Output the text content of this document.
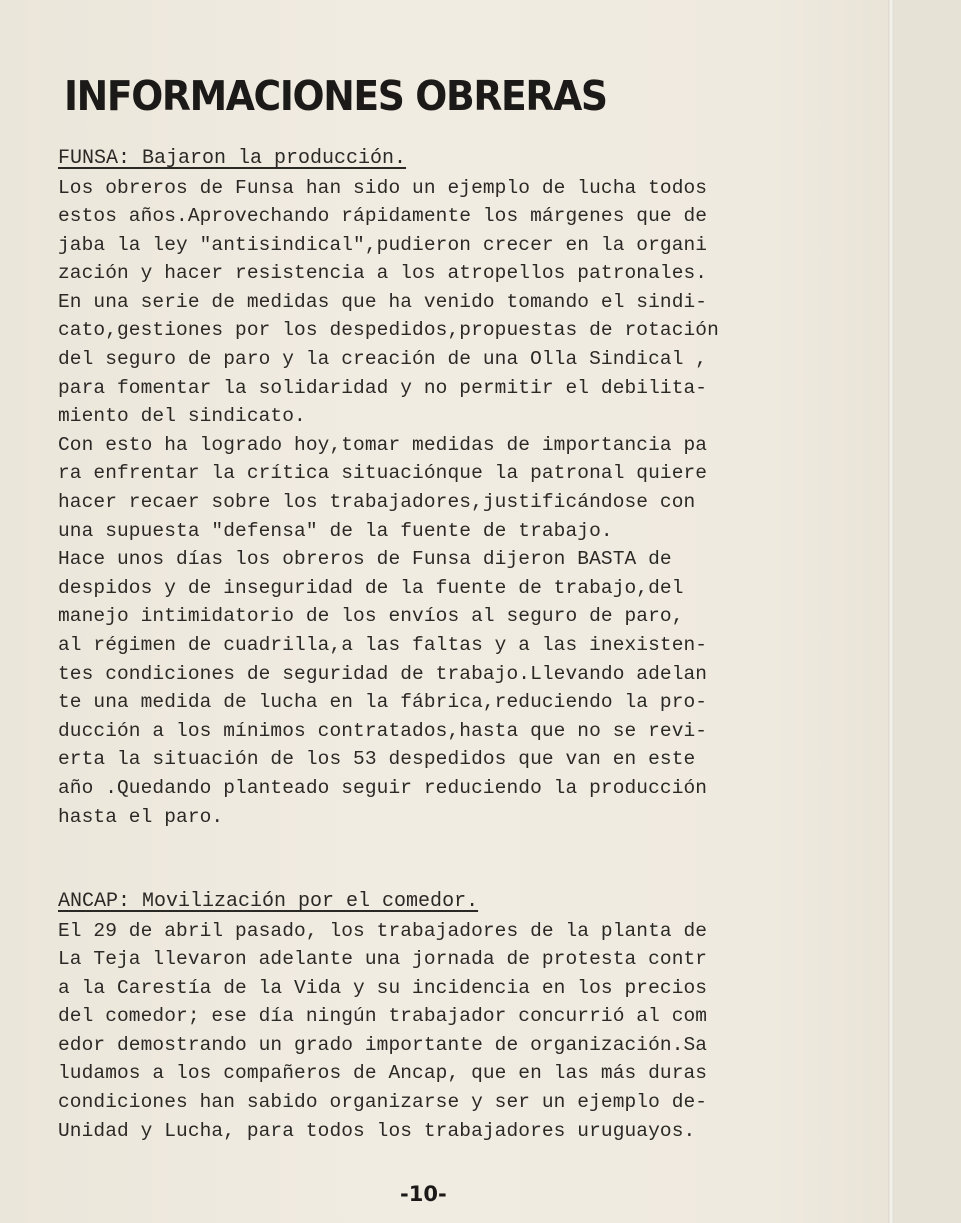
INFORMACIONES OBRERAS

FUNSA: Bajaron la producción.

Los obreros de Funsa han sido un ejemplo de lucha todos
estos años.Aprovechando rápidamente los márgenes que de
jaba la ley "antisindical",pudieron crecer en la organi
zación y hacer resistencia a los atropellos patronales.
En una serie de medidas que ha venido tomando el sindi-
cato,gestiones por los despedidos,propuestas de rotación
del seguro de paro y la creación de una Olla Sindical ,
para fomentar la solidaridad y no permitir el debilita-
miento del sindicato.
Con esto ha logrado hoy,tomar medidas de importancia pa
ra enfrentar la crítica situaciónque la patronal quiere
hacer recaer sobre los trabajadores,justificándose con
una supuesta "defensa" de la fuente de trabajo.
Hace unos días los obreros de Funsa dijeron BASTA de
despidos y de inseguridad de la fuente de trabajo,del
manejo intimidatorio de los envíos al seguro de paro,
al régimen de cuadrilla,a las faltas y a las inexisten-
tes condiciones de seguridad de trabajo.Llevando adelan
te una medida de lucha en la fábrica,reduciendo la pro-
ducción a los mínimos contratados,hasta que no se revi-
erta la situación de los 53 despedidos que van en este
año .Quedando planteado seguir reduciendo la producción
hasta el paro.

ANCAP: Movilización por el comedor.

El 29 de abril pasado, los trabajadores de la planta de
La Teja llevaron adelante una jornada de protesta contr
a la Carestía de la Vida y su incidencia en los precios
del comedor; ese día ningún trabajador concurrió al com
edor demostrando un grado importante de organización.Sa
ludamos a los compañeros de Ancap, que en las más duras
condiciones han sabido organizarse y ser un ejemplo de-
Unidad y Lucha, para todos los trabajadores uruguayos.
-10-
